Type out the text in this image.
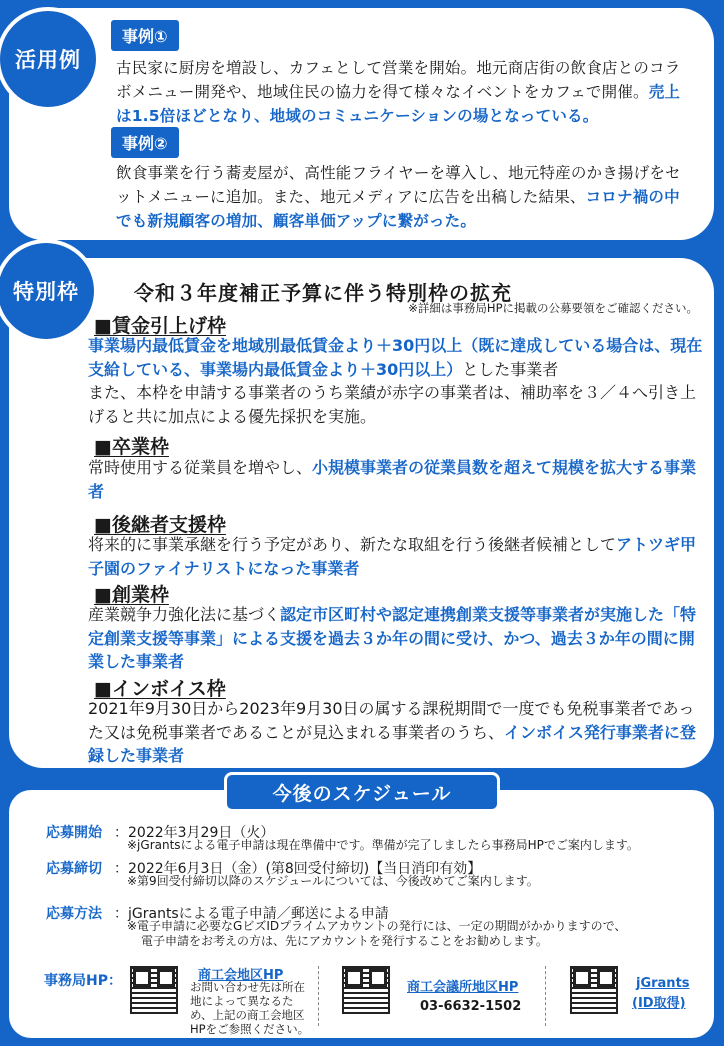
活用例
事例①
古民家に厨房を増設し、カフェとして営業を開始。地元商店街の飲食店とのコラボメニュー開発や、地域住民の協力を得て様々なイベントをカフェで開催。売上は1.5倍ほどとなり、地域のコミュニケーションの場となっている。
事例②
飲食事業を行う蕎麦屋が、高性能フライヤーを導入し、地元特産のかき揚げをセットメニューに追加。また、地元メディアに広告を出稿した結果、コロナ禍の中でも新規顧客の増加、顧客単価アップに繋がった。
特別枠	令和３年度補正予算に伴う特別枠の拡充
※詳細は事務局HPに掲載の公募要領をご確認ください。
■賃金引上げ枠
事業場内最低賃金を地域別最低賃金より＋30円以上（既に達成している場合は、現在支給している、事業場内最低賃金より＋30円以上）とした事業者
また、本枠を申請する事業者のうち業績が赤字の事業者は、補助率を３／４へ引き上げると共に加点による優先採択を実施。
■卒業枠
常時使用する従業員を増やし、小規模事業者の従業員数を超えて規模を拡大する事業者
■後継者支援枠
将来的に事業承継を行う予定があり、新たな取組を行う後継者候補としてアトツギ甲子園のファイナリストになった事業者
■創業枠
産業競争力強化法に基づく認定市区町村や認定連携創業支援等事業者が実施した「特定創業支援等事業」による支援を過去３か年の間に受け、かつ、過去３か年の間に開業した事業者
■インボイス枠
2021年9月30日から2023年9月30日の属する課税期間で一度でも免税事業者であった又は免税事業者であることが見込まれる事業者のうち、インボイス発行事業者に登録した事業者
今後のスケジュール
応募開始 ：2022年3月29日（火）
※jGrantsによる電子申請は現在準備中です。準備が完了しましたら事務局HPでご案内します。
応募締切 ：2022年6月3日（金）(第8回受付締切)【当日消印有効】
※第9回受付締切以降のスケジュールについては、今後改めてご案内します。
応募方法 ：jGrantsによる電子申請／郵送による申請
※電子申請に必要なGビズIDプライムアカウントの発行には、一定の期間がかかりますので、
電子申請をお考えの方は、先にアカウントを発行することをお勧めします。
事務局HP：	商工会地区HP
お問い合わせ先は所在地によって異なるため、上記の商工会地区HPをご参照ください。
商工会議所地区HP
03-6632-1502
jGrants
(ID取得)
